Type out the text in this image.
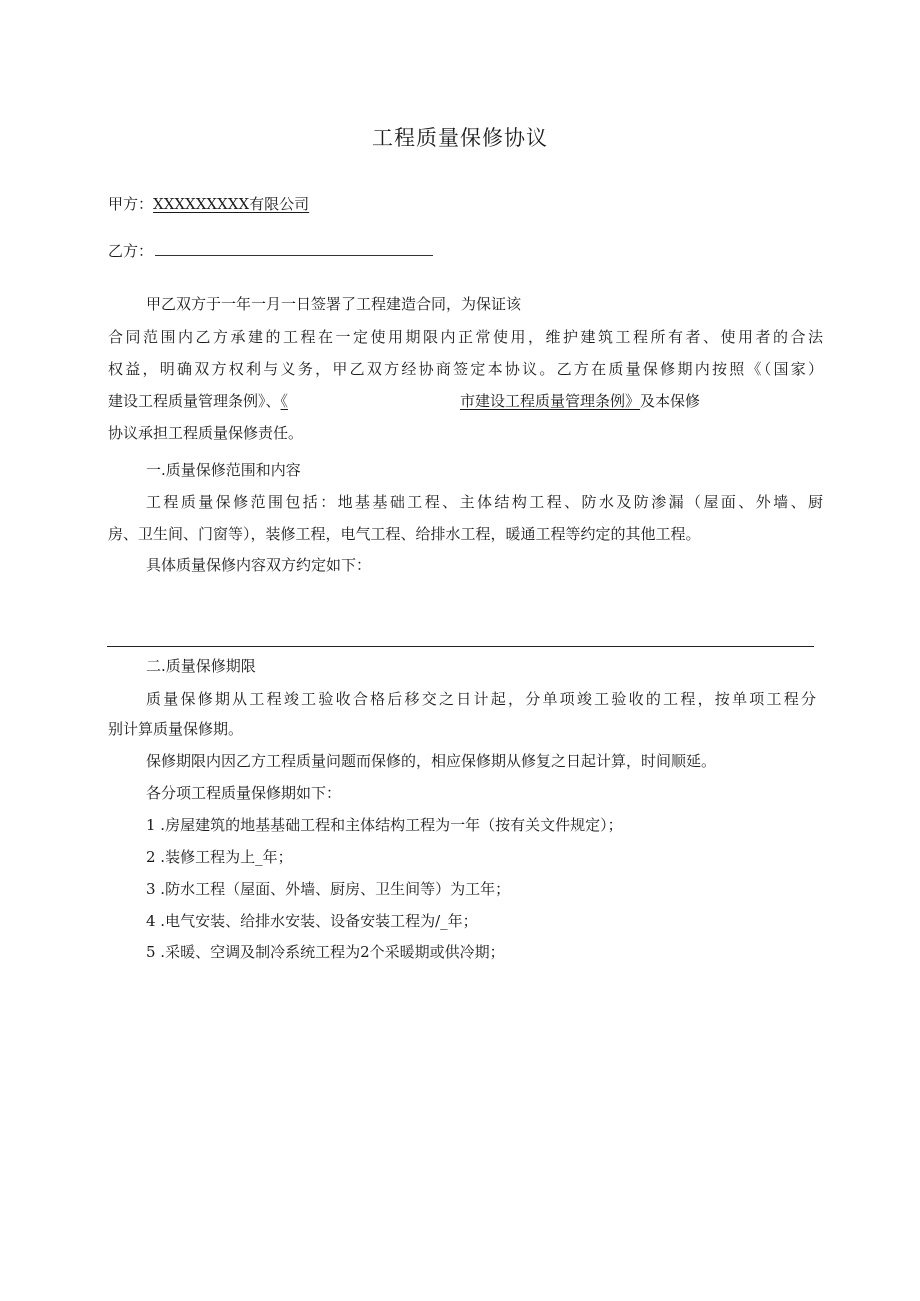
工程质量保修协议
甲方：XXXXXXXXX有限公司
乙方：
甲乙双方于一年一月一日签署了工程建造合同，为保证该
合同范围内乙方承建的工程在一定使用期限内正常使用，维护建筑工程所有者、使用者的合法
权益，明确双方权利与义务，甲乙双方经协商签定本协议。乙方在质量保修期内按照《（国家）
建设工程质量管理条例》、《	市建设工程质量管理条例》及本保修
协议承担工程质量保修责任。
一.质量保修范围和内容
工程质量保修范围包括：地基基础工程、主体结构工程、防水及防渗漏（屋面、外墙、厨
房、卫生间、门窗等），装修工程，电气工程、给排水工程，暖通工程等约定的其他工程。
具体质量保修内容双方约定如下：
二.质量保修期限
质量保修期从工程竣工验收合格后移交之日计起，分单项竣工验收的工程，按单项工程分
别计算质量保修期。
保修期限内因乙方工程质量问题而保修的，相应保修期从修复之日起计算，时间顺延。
各分项工程质量保修期如下：
1 .房屋建筑的地基基础工程和主体结构工程为一年（按有关文件规定）；
2 .装修工程为上_年；
3 .防水工程（屋面、外墙、厨房、卫生间等）为工年；
4 .电气安装、给排水安装、设备安装工程为/_年；
5 .采暖、空调及制冷系统工程为2个采暖期或供冷期；
